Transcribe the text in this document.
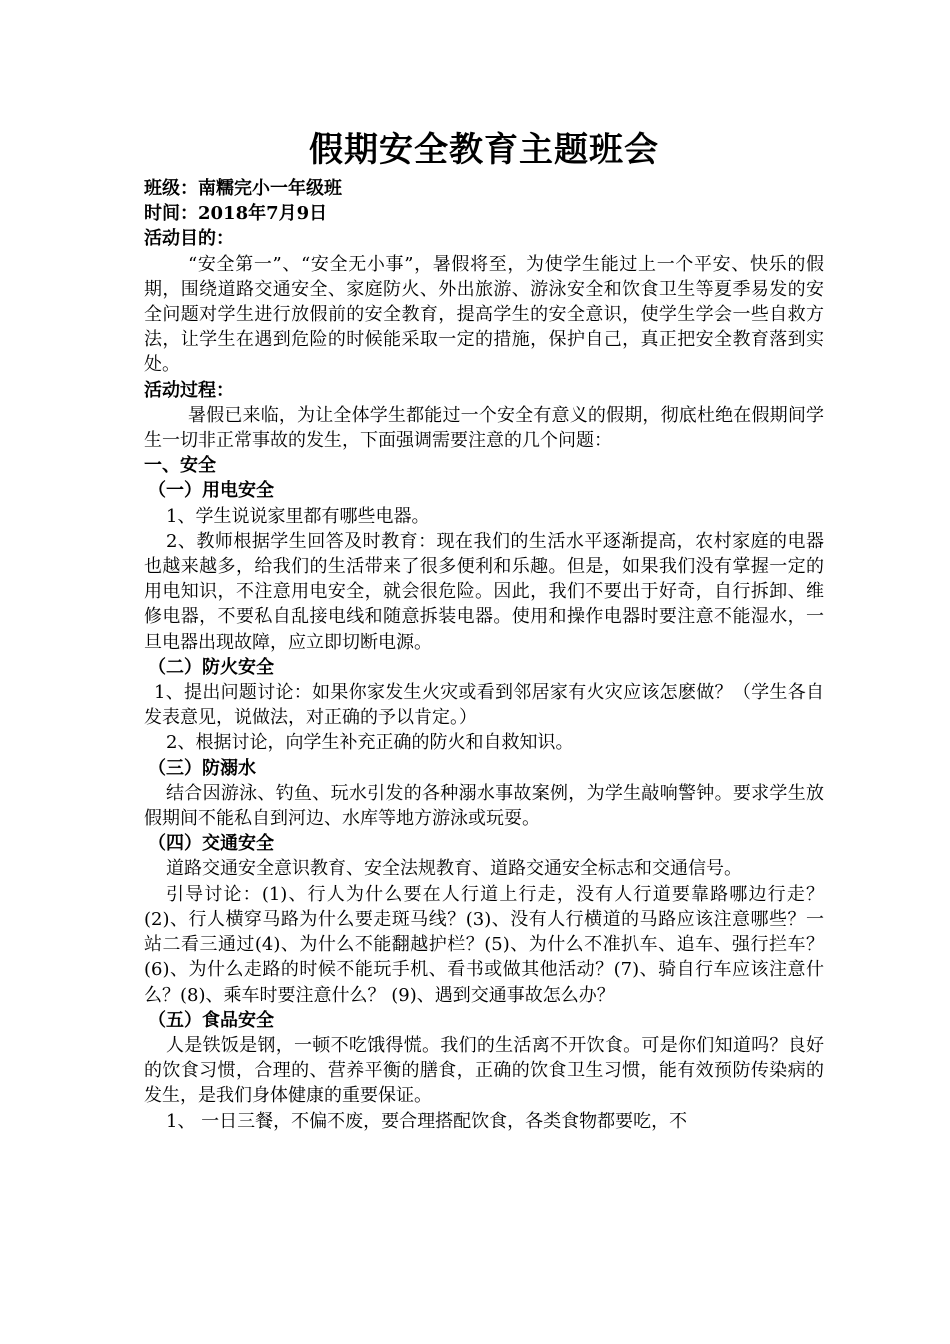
假期安全教育主题班会

班级：南糯完小一年级班

时间：2018年7月9日

活动目的：

“安全第一”、“安全无小事”，暑假将至，为使学生能过上一个平安、快乐的假期，围绕道路交通安全、家庭防火、外出旅游、游泳安全和饮食卫生等夏季易发的安全问题对学生进行放假前的安全教育，提高学生的安全意识，使学生学会一些自救方法，让学生在遇到危险的时候能采取一定的措施，保护自己，真正把安全教育落到实处。

活动过程：

暑假已来临，为让全体学生都能过一个安全有意义的假期，彻底杜绝在假期间学生一切非正常事故的发生，下面强调需要注意的几个问题：

一、安全

（一）用电安全

1、学生说说家里都有哪些电器。

2、教师根据学生回答及时教育：现在我们的生活水平逐渐提高，农村家庭的电器也越来越多，给我们的生活带来了很多便利和乐趣。但是，如果我们没有掌握一定的用电知识，不注意用电安全，就会很危险。因此，我们不要出于好奇，自行拆卸、维修电器，不要私自乱接电线和随意拆装电器。使用和操作电器时要注意不能湿水，一旦电器出现故障，应立即切断电源。

（二）防火安全

1、提出问题讨论：如果你家发生火灾或看到邻居家有火灾应该怎麽做？（学生各自发表意见，说做法，对正确的予以肯定。）

2、根据讨论，向学生补充正确的防火和自救知识。

（三）防溺水

结合因游泳、钓鱼、玩水引发的各种溺水事故案例，为学生敲响警钟。要求学生放假期间不能私自到河边、水库等地方游泳或玩耍。

（四）交通安全

道路交通安全意识教育、安全法规教育、道路交通安全标志和交通信号。

引导讨论：(1)、行人为什么要在人行道上行走，没有人行道要靠路哪边行走？(2)、行人横穿马路为什么要走斑马线？(3)、没有人行横道的马路应该注意哪些？一站二看三通过(4)、为什么不能翻越护栏？(5)、为什么不准扒车、追车、强行拦车？(6)、为什么走路的时候不能玩手机、看书或做其他活动？(7)、骑自行车应该注意什么？(8)、乘车时要注意什么？ (9)、遇到交通事故怎么办？

（五）食品安全

人是铁饭是钢，一顿不吃饿得慌。我们的生活离不开饮食。可是你们知道吗？良好的饮食习惯，合理的、营养平衡的膳食，正确的饮食卫生习惯，能有效预防传染病的发生，是我们身体健康的重要保证。

1、 一日三餐，不偏不废，要合理搭配饮食，各类食物都要吃，不
